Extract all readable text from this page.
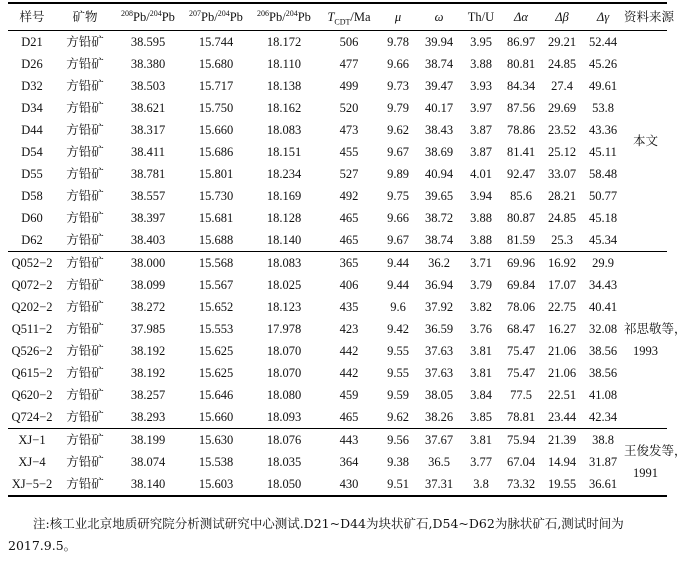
样号	矿物	$^{208}$Pb/$^{204}$Pb	$^{207}$Pb/$^{204}$Pb	$^{206}$Pb/$^{204}$Pb	$T_{CDT}/Ma$	μ	ω	Th/U	Δα	Δβ	Δγ	资料来源
D21	方铅矿	38.595	15.744	18.172	506	9.78	39.94	3.95	86.97	29.21	52.44	本文
D26	方铅矿	38.380	15.680	18.110	477	9.66	38.74	3.88	80.81	24.85	45.26	
D32	方铅矿	38.503	15.717	18.138	499	9.73	39.47	3.93	84.34	27.4	49.61	
D34	方铅矿	38.621	15.750	18.162	520	9.79	40.17	3.97	87.56	29.69	53.8	
D44	方铅矿	38.317	15.660	18.083	473	9.62	38.43	3.87	78.86	23.52	43.36	
D54	方铅矿	38.411	15.686	18.151	455	9.67	38.69	3.87	81.41	25.12	45.11	
D55	方铅矿	38.781	15.801	18.234	527	9.89	40.94	4.01	92.47	33.07	58.48	
D58	方铅矿	38.557	15.730	18.169	492	9.75	39.65	3.94	85.6	28.21	50.77	
D60	方铅矿	38.397	15.681	18.128	465	9.66	38.72	3.88	80.87	24.85	45.18	
D62	方铅矿	38.403	15.688	18.140	465	9.67	38.74	3.88	81.59	25.3	45.34	
Q052−2	方铅矿	38.000	15.568	18.083	365	9.44	36.2	3.71	69.96	16.92	29.9	祁思敬等，
1993
Q072−2	方铅矿	38.099	15.567	18.025	406	9.44	36.94	3.79	69.84	17.07	34.43	
Q202−2	方铅矿	38.272	15.652	18.123	435	9.6	37.92	3.82	78.06	22.75	40.41	
Q511−2	方铅矿	37.985	15.553	17.978	423	9.42	36.59	3.76	68.47	16.27	32.08	
Q526−2	方铅矿	38.192	15.625	18.070	442	9.55	37.63	3.81	75.47	21.06	38.56	
Q615−2	方铅矿	38.192	15.625	18.070	442	9.55	37.63	3.81	75.47	21.06	38.56	
Q620−2	方铅矿	38.257	15.646	18.080	459	9.59	38.05	3.84	77.5	22.51	41.08	
Q724−2	方铅矿	38.293	15.660	18.093	465	9.62	38.26	3.85	78.81	23.44	42.34	
XJ−1	方铅矿	38.199	15.630	18.076	443	9.56	37.67	3.81	75.94	21.39	38.8	王俊发等，
1991
XJ−4	方铅矿	38.074	15.538	18.035	364	9.38	36.5	3.77	67.04	14.94	31.87	
XJ−5−2	方铅矿	38.140	15.603	18.050	430	9.51	37.31	3.8	73.32	19.55	36.61	
注:核工业北京地质研究院分析测试研究中心测试.D21~D44为块状矿石,D54~D62为脉状矿石,测试时间为2017.9.5。
